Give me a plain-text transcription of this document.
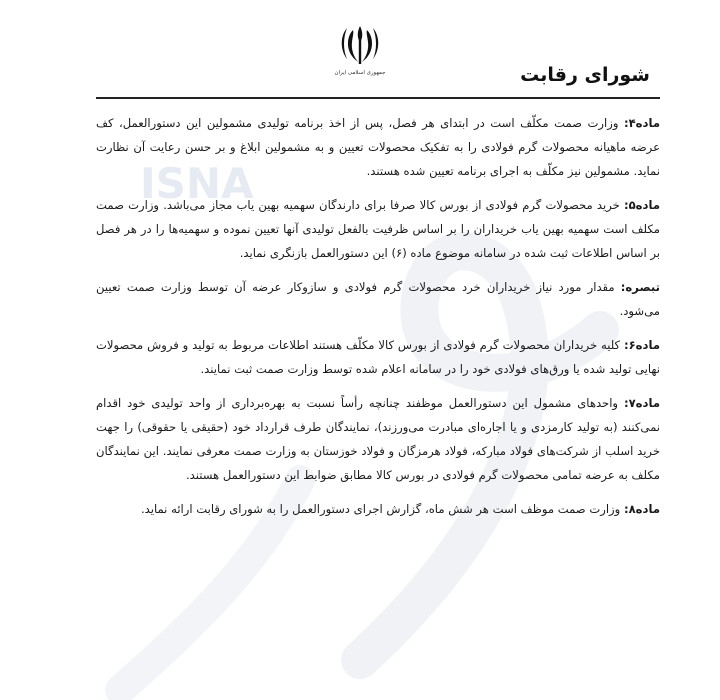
ISNA
جمهوری اسلامی ایران	شورای رقابت

ماده۴: وزارت صمت مکلّف است در ابتدای هر فصل، پس از اخذ برنامه تولیدی مشمولین این دستورالعمل، کف عرضه ماهیانه محصولات گرم فولادی را به تفکیک محصولات تعیین و به مشمولین ابلاغ و بر حسن رعایت آن نظارت نماید. مشمولین نیز مکلّف به اجرای برنامه تعیین شده هستند.

ماده۵: خرید محصولات گرم فولادی از بورس کالا صرفا برای دارندگان سهمیه بهین یاب مجاز می‌باشد. وزارت صمت مکلف است سهمیه بهین یاب خریداران را بر اساس ظرفیت بالفعل تولیدی آنها تعیین نموده و سهمیه‌ها را در هر فصل بر اساس اطلاعات ثبت شده در سامانه موضوع ماده (۶) این دستورالعمل بازنگری نماید.

تبصره: مقدار مورد نیاز خریداران خرد محصولات گرم فولادی و سازوکار عرضه آن توسط وزارت صمت تعیین می‌شود.

ماده۶: کلیه خریداران محصولات گرم فولادی از بورس کالا مکلّف هستند اطلاعات مربوط به تولید و فروش محصولات نهایی تولید شده یا ورق‌های فولادی خود را در سامانه اعلام شده توسط وزارت صمت ثبت نمایند.

ماده۷: واحدهای مشمول این دستورالعمل موظفند چنانچه رأساً نسبت به بهره‌برداری از واحد تولیدی خود اقدام نمی‌کنند (به تولید کارمزدی و یا اجاره‌ای مبادرت می‌ورزند)، نمایندگان طرف قرارداد خود (حقیقی یا حقوقی) را جهت خرید اسلب از شرکت‌های فولاد مبارکه، فولاد هرمزگان و فولاد خوزستان به وزارت صمت معرفی نمایند. این نمایندگان مکلف به عرضه تمامی محصولات گرم فولادی در بورس کالا مطابق ضوابط این دستورالعمل هستند.

ماده۸: وزارت صمت موظف است هر شش ماه، گزارش اجرای دستورالعمل را به شورای رقابت ارائه نماید.
